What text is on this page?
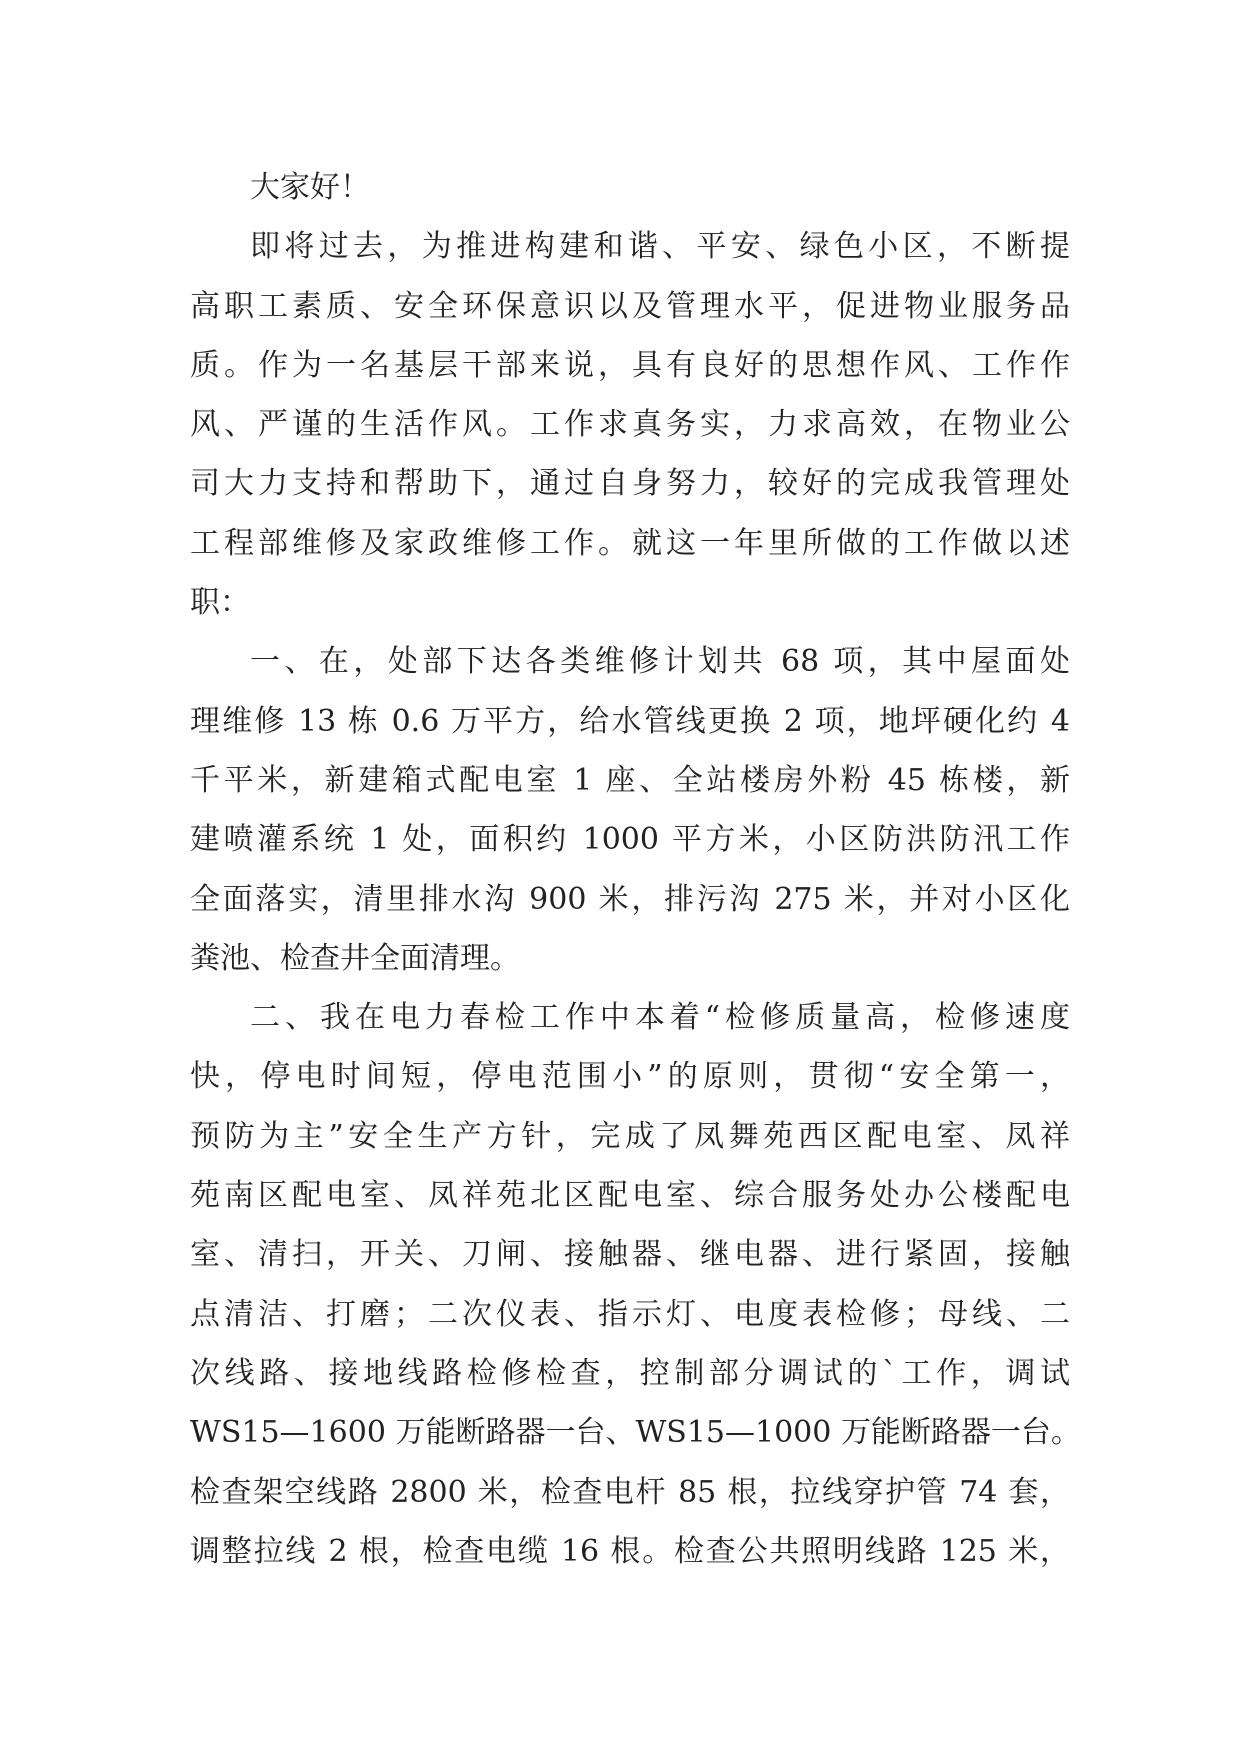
大家好！
即将过去，为推进构建和谐、平安、绿色小区，不断提
高职工素质、安全环保意识以及管理水平，促进物业服务品
质。作为一名基层干部来说，具有良好的思想作风、工作作
风、严谨的生活作风。工作求真务实，力求高效，在物业公
司大力支持和帮助下，通过自身努力，较好的完成我管理处
工程部维修及家政维修工作。就这一年里所做的工作做以述
职：
一、在，处部下达各类维修计划共 68 项，其中屋面处
理维修 13 栋 0.6 万平方，给水管线更换 2 项，地坪硬化约 4
千平米，新建箱式配电室 1 座、全站楼房外粉 45 栋楼，新
建喷灌系统 1 处，面积约 1000 平方米，小区防洪防汛工作
全面落实，清里排水沟 900 米，排污沟 275 米，并对小区化
粪池、检查井全面清理。
二、我在电力春检工作中本着“检修质量高，检修速度
快，停电时间短，停电范围小”的原则，贯彻“安全第一，
预防为主”安全生产方针，完成了凤舞苑西区配电室、凤祥
苑南区配电室、凤祥苑北区配电室、综合服务处办公楼配电
室、清扫，开关、刀闸、接触器、继电器、进行紧固，接触
点清洁、打磨；二次仪表、指示灯、电度表检修；母线、二
次线路、接地线路检修检查，控制部分调试的`工作，调试
WS15—1600 万能断路器一台、WS15—1000 万能断路器一台。
检查架空线路 2800 米，检查电杆 85 根，拉线穿护管 74 套，
调整拉线 2 根，检查电缆 16 根。检查公共照明线路 125 米，
